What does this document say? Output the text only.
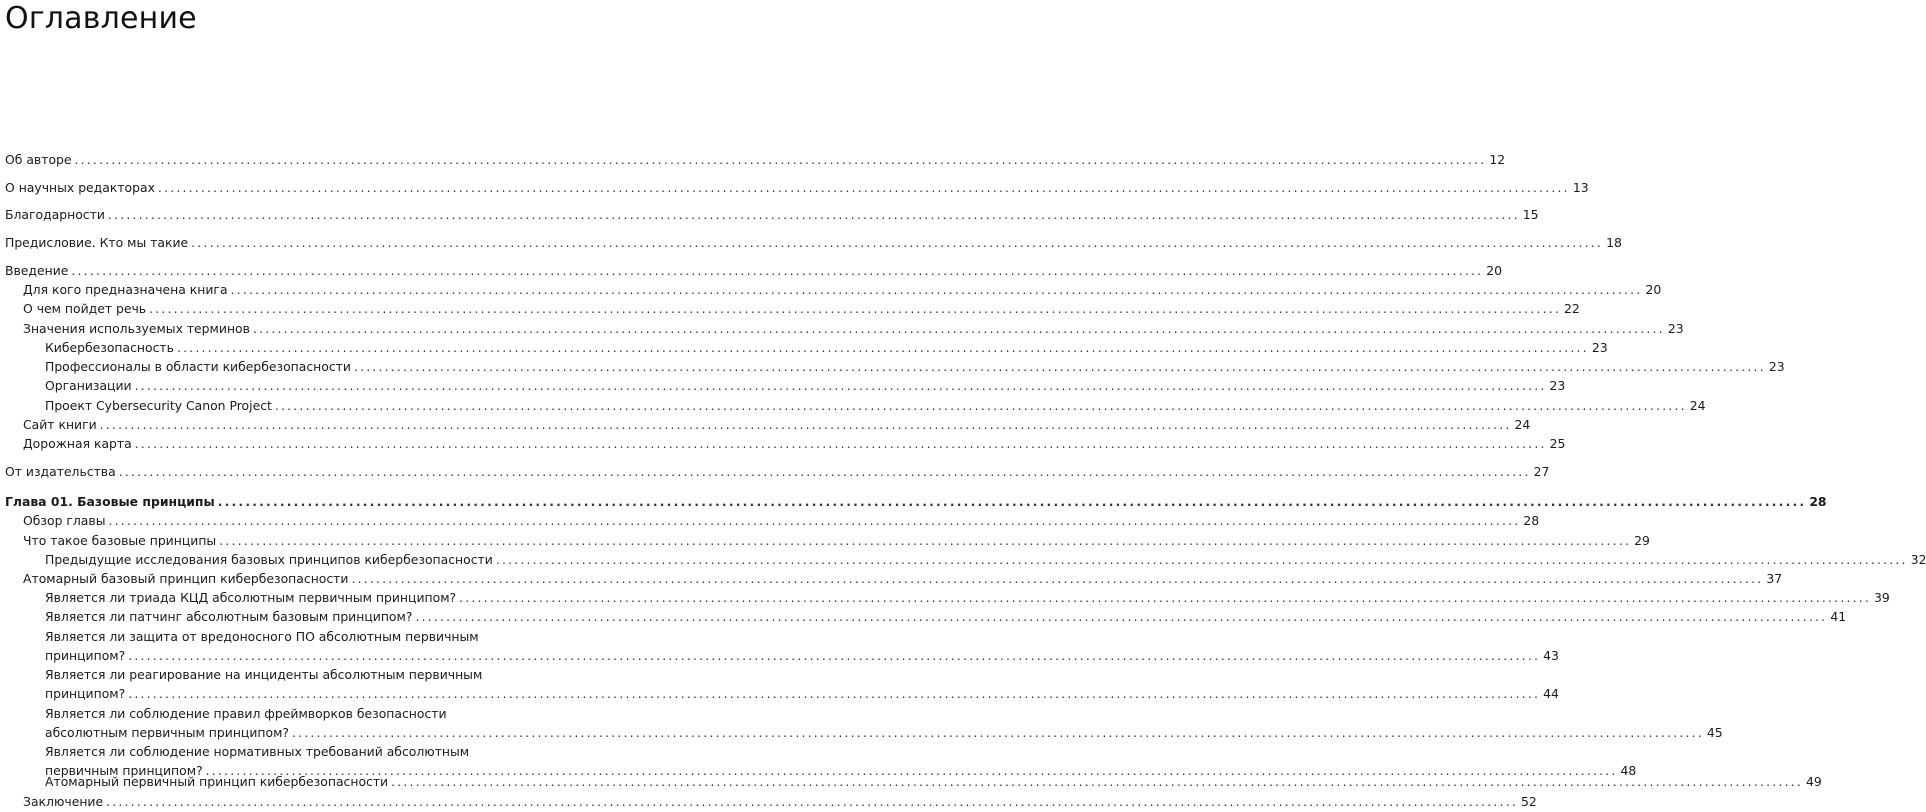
Оглавление
Об авторе .....	12
О научных редакторах .....	13
Благодарности .....	15
Предисловие. Кто мы такие .....	18
Введение .....	20
Для кого предназначена книга .....	20
О чем пойдет речь .....	22
Значения используемых терминов .....	23
Кибербезопасность .....	23
Профессионалы в области кибербезопасности .....	23
Организации .....	23
Проект Cybersecurity Canon Project .....	24
Сайт книги .....	24
Дорожная карта .....	25
От издательства .....	27
Глава 01. Базовые принципы .....	28
Обзор главы .....	28
Что такое базовые принципы .....	29
Предыдущие исследования базовых принципов кибербезопасности .....	32
Атомарный базовый принцип кибербезопасности .....	37
Является ли триада КЦД абсолютным первичным принципом? .....	39
Является ли патчинг абсолютным базовым принципом? .....	41
Является ли защита от вредоносного ПО абсолютным первичным
принципом? .....	43
Является ли реагирование на инциденты абсолютным первичным
принципом? .....	44
Является ли соблюдение правил фреймворков безопасности
абсолютным первичным принципом? .....	45
Является ли соблюдение нормативных требований абсолютным
первичным принципом? .....	48
Атомарный первичный принцип кибербезопасности .....	49
Заключение .....	52
